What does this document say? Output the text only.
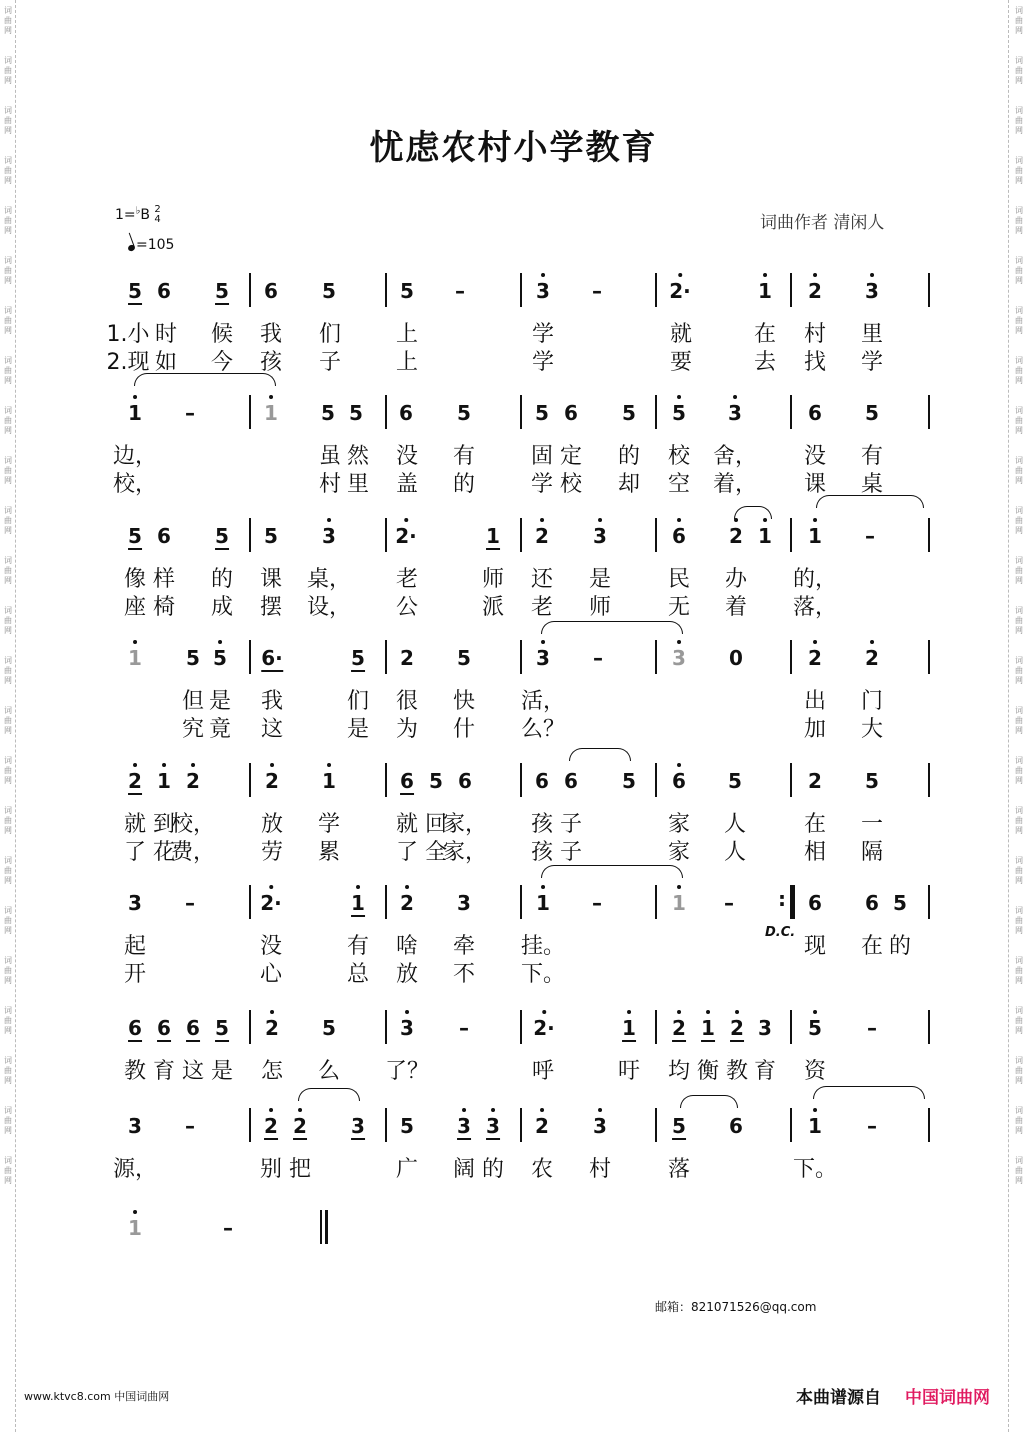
词
曲
网

词
曲
网

词
曲
网

词
曲
网

词
曲
网

词
曲
网

词
曲
网

词
曲
网

词
曲
网

词
曲
网

词
曲
网

词
曲
网

词
曲
网

词
曲
网

词
曲
网

词
曲
网

词
曲
网

词
曲
网

词
曲
网

词
曲
网

词
曲
网

词
曲
网

词
曲
网

词
曲
网

词
曲
网

词
曲
网

词
曲
网

词
曲
网

词
曲
网

词
曲
网

词
曲
网

词
曲
网

词
曲
网

词
曲
网

词
曲
网

词
曲
网

词
曲
网

词
曲
网

词
曲
网

词
曲
网

词
曲
网

词
曲
网

词
曲
网

词
曲
网

词
曲
网

词
曲
网

词
曲
网

词
曲
网

忧虑农村小学教育
1=♭B 2
4
=105
词曲作者 清闲人
5 6 5 6 5	5 –	3 –	2·	1 2 3
1.小 时 候 我 们 上	学	就	在 村 里
2.现 如 今 孩 子 上	学	要	去 找 学
1 –	1 5 5 6 5	5 6 5 5 3	6 5
边，	虽 然 没 有	固 定 的 校 舍， 没 有
校，	村 里 盖 的	学 校 却 空 着， 课 桌
5 6 5 5 3	2·	1 2 3	6 2 1 1 –
像 样 的 课 桌， 老	师 还 是	民 办 的，
座 椅 成 摆 设， 公	派 老 师	无 着 落，
1 5 5 6·	5 2 5	3 –	3 0	2 2
但 是 我	们 很 快 活，	出 门
究 竟 这	是 为 什 么？	加 大
2 1 2	2 1	6 5 6	6 6 5 6 5	2 5
就 到
校， 放 学	就 回
家， 孩 子	家 人	在 一
了 花
费， 劳 累	了 全
家， 孩 子	家 人	相 隔
3 –	2·	1 2 3	1 –	1 –	6 6 5
:
起	没	有 啥 牵 挂。	现 在 的
开	心	总 放 不 下。
6 6 6 5 2 5	3 –	2·	1 2 1 2 3 5 –
教 育 这 是 怎 么 了？	呼	吁 均 衡 教 育 资
3 –	2 2 3 5 3 3 2 3	5 6	1 –
源，	别 把	广 阔 的 农 村	落	下。
1	–
D.C.
邮箱：821071526@qq.com
www.ktvc8.com 中国词曲网	本曲谱源自 中国词曲网
